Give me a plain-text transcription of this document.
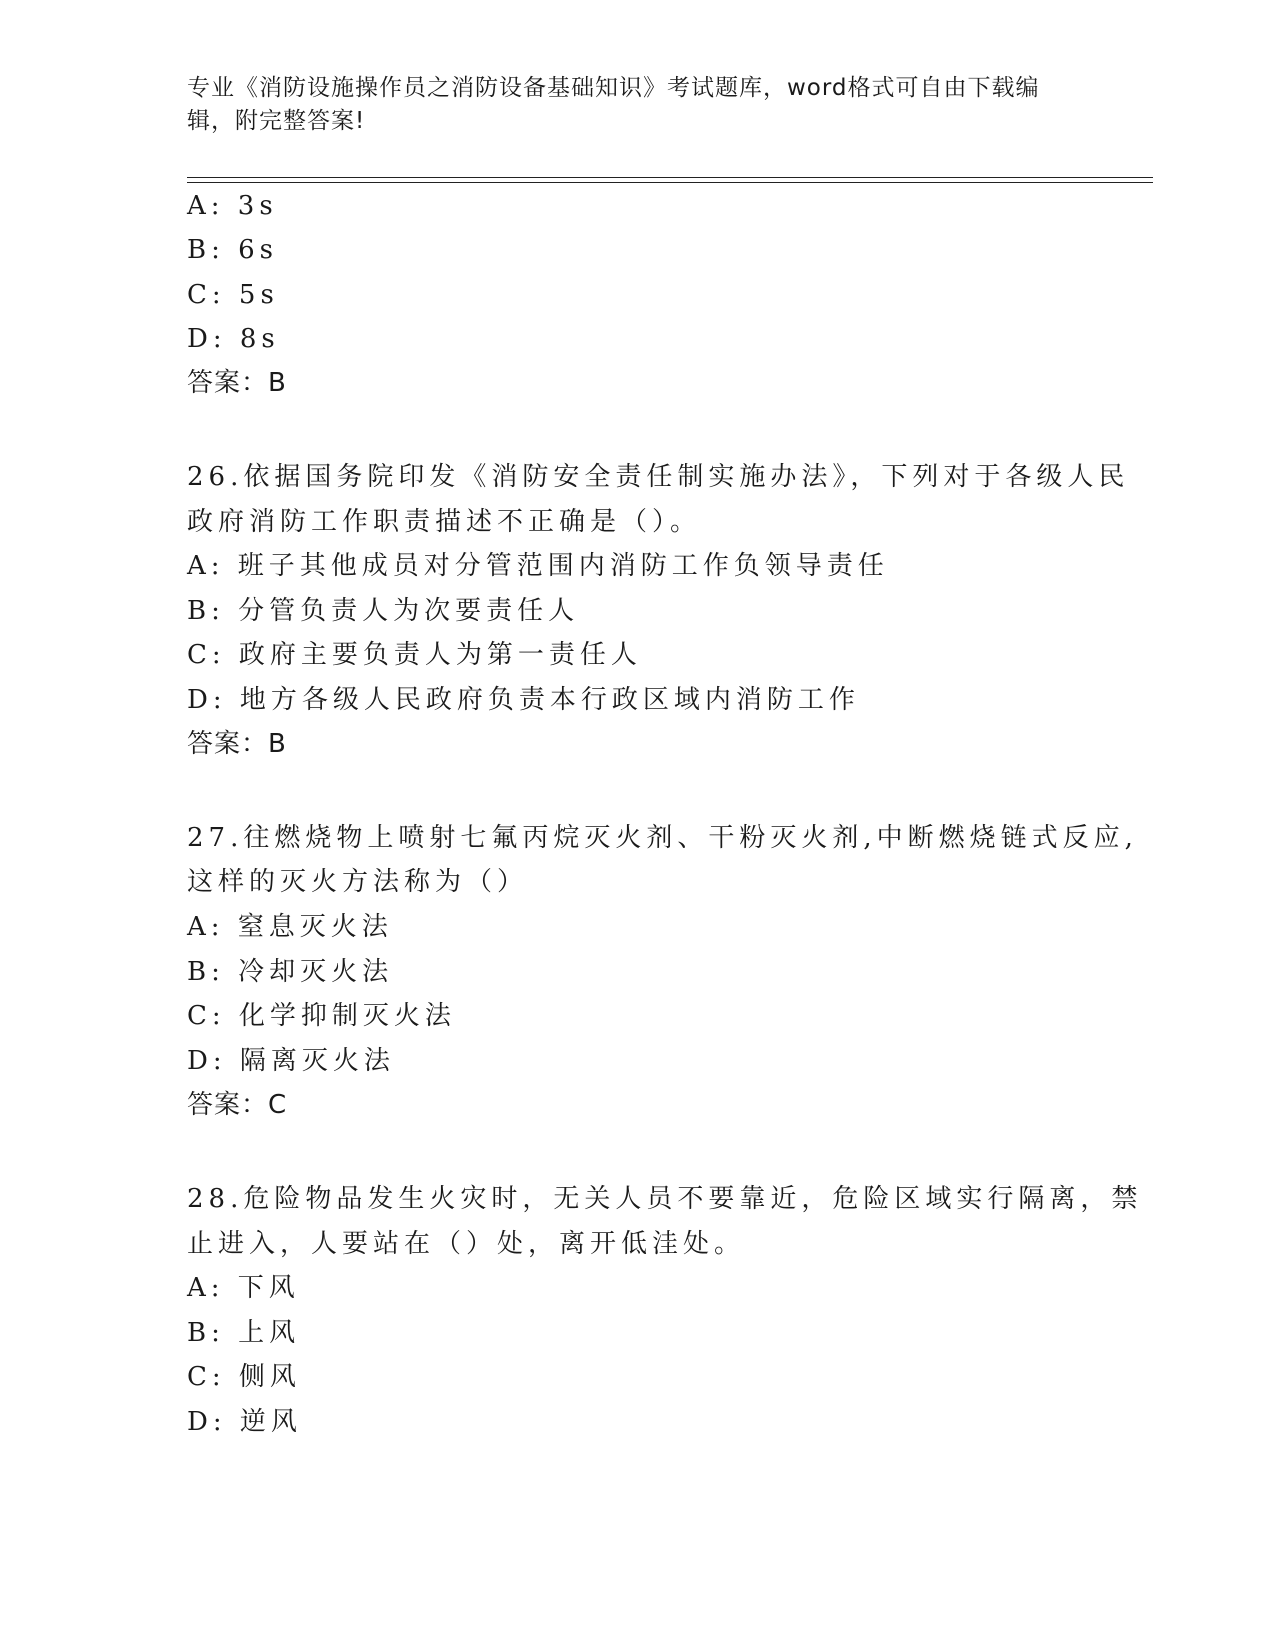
专业《消防设施操作员之消防设备基础知识》考试题库，word格式可自由下载编
辑，附完整答案!
A: 3s
B: 6s
C: 5s
D: 8s
答案：B
26.依据国务院印发《消防安全责任制实施办法》，下列对于各级人民
政府消防工作职责描述不正确是（）。
A: 班子其他成员对分管范围内消防工作负领导责任
B: 分管负责人为次要责任人
C: 政府主要负责人为第一责任人
D: 地方各级人民政府负责本行政区域内消防工作
答案：B
27.往燃烧物上喷射七氟丙烷灭火剂、干粉灭火剂,中断燃烧链式反应,
这样的灭火方法称为（）
A: 窒息灭火法
B: 冷却灭火法
C: 化学抑制灭火法
D: 隔离灭火法
答案：C
28.危险物品发生火灾时，无关人员不要靠近，危险区域实行隔离，禁
止进入，人要站在（）处，离开低洼处。
A: 下风
B: 上风
C: 侧风
D: 逆风
